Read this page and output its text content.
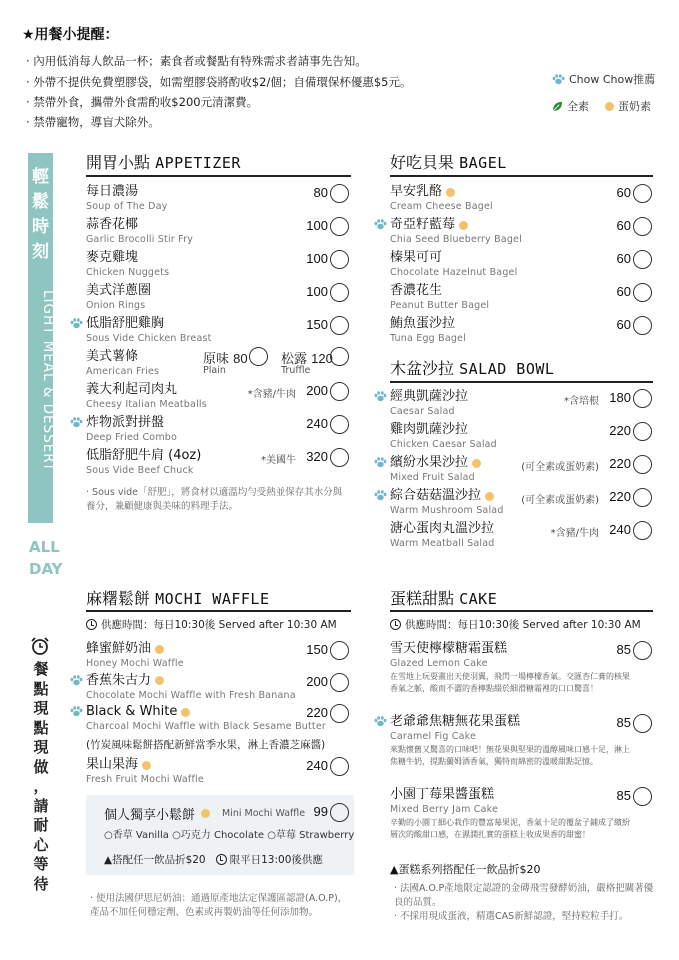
★用餐小提醒：
· 內用低消每人飲品一杯；素食者或餐點有特殊需求者請事先告知。
· 外帶不提供免費塑膠袋，如需塑膠袋將酌收$2/個；自備環保杯優惠$5元。
· 禁帶外食，攜帶外食需酌收$200元清潔費。
· 禁帶寵物，導盲犬除外。
Chow Chow推薦
全素	蛋奶素
輕
鬆
時
刻
LIGHT MEAL & DESSERT
ALL
DAY
餐
點
現
點
現
做
，
請
耐
心
等
待
開胃小點 APPETIZER
每日濃湯
Soup of The Day
80
蒜香花椰
Garlic Brocolli Stir Fry
100
麥克雞塊
Chicken Nuggets
100
美式洋蔥圈
Onion Rings
100
低脂舒肥雞胸
Sous Vide Chicken Breast
150
美式薯條
American Fries
義大利起司肉丸
Cheesy Italian Meatballs
200
*含豬/牛肉
炸物派對拼盤
Deep Fried Combo
240
低脂舒肥牛肩 (4oz)
Sous Vide Beef Chuck
320
*美國牛
原味 80
Plain
松露 120
Truffle
· Sous vide「舒肥」，將食材以適溫均勻受熱並保存其水分與養分，兼顧健康與美味的料理手法。
好吃貝果 BAGEL
早安乳酪
Cream Cheese Bagel
60
奇亞籽藍莓
Chia Seed Blueberry Bagel
60
榛果可可
Chocolate Hazelnut Bagel
60
香濃花生
Peanut Butter Bagel
60
鮪魚蛋沙拉
Tuna Egg Bagel
60
木盆沙拉 SALAD BOWL
經典凱薩沙拉
Caesar Salad
180
*含培根
雞肉凱薩沙拉
Chicken Caesar Salad
220
繽紛水果沙拉
Mixed Fruit Salad
220
(可全素或蛋奶素)
綜合菇菇溫沙拉
Warm Mushroom Salad
220
(可全素或蛋奶素)
溏心蛋肉丸溫沙拉
Warm Meatball Salad
240
*含豬/牛肉
麻糬鬆餅 MOCHI WAFFLE
供應時間：每日10:30後 Served after 10:30 AM
蜂蜜鮮奶油
Honey Mochi Waffle
150
香蕉朱古力
Chocolate Mochi Waffle with Fresh Banana
200
Black & White
Charcoal Mochi Waffle with Black Sesame Butter
220
果山果海
Fresh Fruit Mochi Waffle
240
(竹炭風味鬆餅搭配新鮮當季水果，淋上香濃芝麻醬)
個人獨享小鬆餅	Mini Mochi Waffle 99
○香草 Vanilla ○巧克力 Chocolate ○草莓 Strawberry
▲搭配任一飲品折$20 限平日13:00後供應
· 使用法國伊思尼奶油：通過原產地法定保護區認證(A.O.P)，產品不加任何穩定劑、色素或再製奶油等任何添加物。
蛋糕甜點 CAKE
供應時間：每日10:30後 Served after 10:30 AM
雪天使檸檬糖霜蛋糕
Glazed Lemon Cake
85
在雪地上玩耍畫出天使羽翼，飛閃一場檸檬香氣。交匯杏仁膏的核果香氣之脈，酸而不澀的香檸點綴於細滑糖霜裡的口口驚喜！
老爺爺焦糖無花果蛋糕
Caramel Fig Cake
85
來點懷舊又驚喜的口味吧！無花果與堅果的溫醇風味口感十足，淋上焦糖牛奶，提點蘭姆酒香氣，獨特而綿密的溫暖甜點記憶。
小園丁莓果醬蛋糕
Mixed Berry Jam Cake
85
辛勤的小園丁細心栽作的豐富莓果泥，香氣十足的覆盆子鋪成了繽紛層次的酸甜口感，在濕潤扎實的蛋糕上收成果香的甜蜜！
▲蛋糕系列搭配任一飲品折$20
· 法國A.O.P產地限定認證的金磚飛雪發酵奶油，嚴格把關著優良的品質。
· 不採用現成蛋液，精選CAS新鮮認證，堅持粒粒手打。
